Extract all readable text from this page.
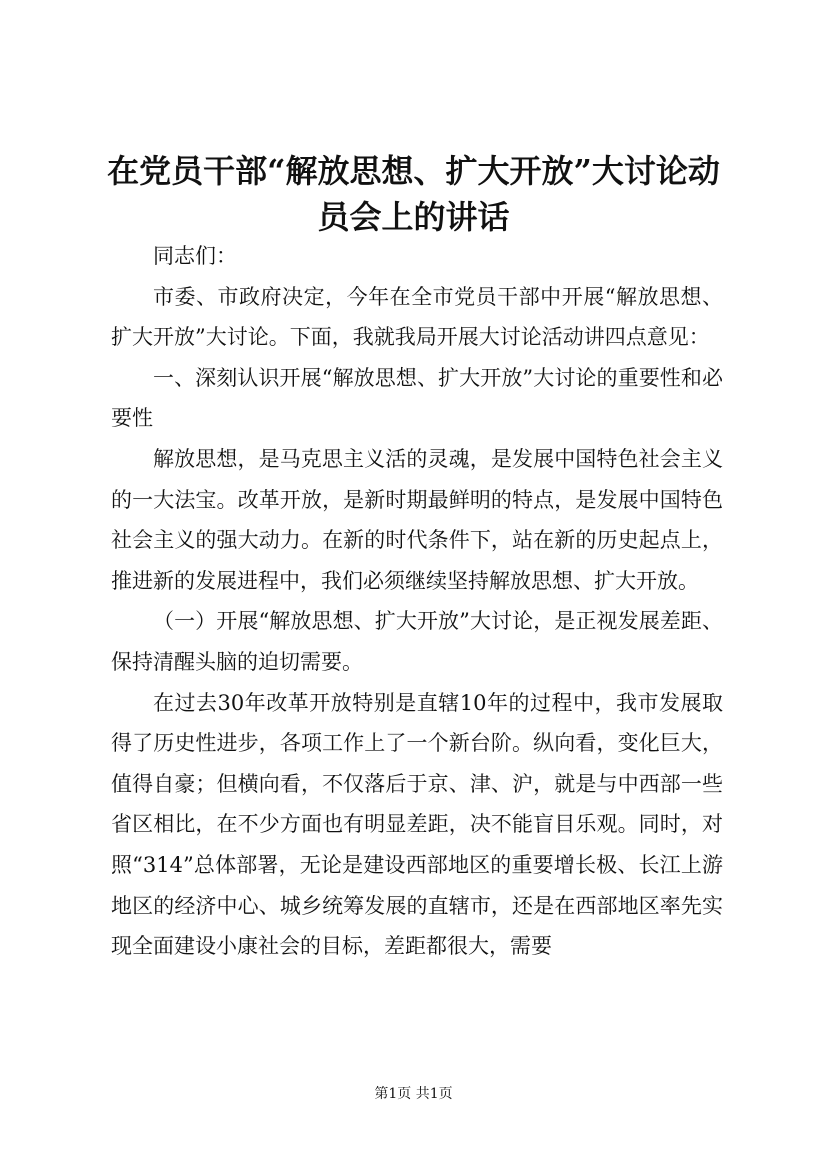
在党员干部“解放思想、扩大开放”大讨论动员会上的讲话

同志们：

市委、市政府决定，今年在全市党员干部中开展“解放思想、扩大开放”大讨论。下面，我就我局开展大讨论活动讲四点意见：

一、深刻认识开展“解放思想、扩大开放”大讨论的重要性和必要性

解放思想，是马克思主义活的灵魂，是发展中国特色社会主义的一大法宝。改革开放，是新时期最鲜明的特点，是发展中国特色社会主义的强大动力。在新的时代条件下，站在新的历史起点上，推进新的发展进程中，我们必须继续坚持解放思想、扩大开放。

（一）开展“解放思想、扩大开放”大讨论，是正视发展差距、保持清醒头脑的迫切需要。

在过去30年改革开放特别是直辖10年的过程中，我市发展取得了历史性进步，各项工作上了一个新台阶。纵向看，变化巨大，值得自豪；但横向看，不仅落后于京、津、沪，就是与中西部一些省区相比，在不少方面也有明显差距，决不能盲目乐观。同时，对照“314”总体部署，无论是建设西部地区的重要增长极、长江上游地区的经济中心、城乡统筹发展的直辖市，还是在西部地区率先实现全面建设小康社会的目标，差距都很大，需要

第1页 共1页
